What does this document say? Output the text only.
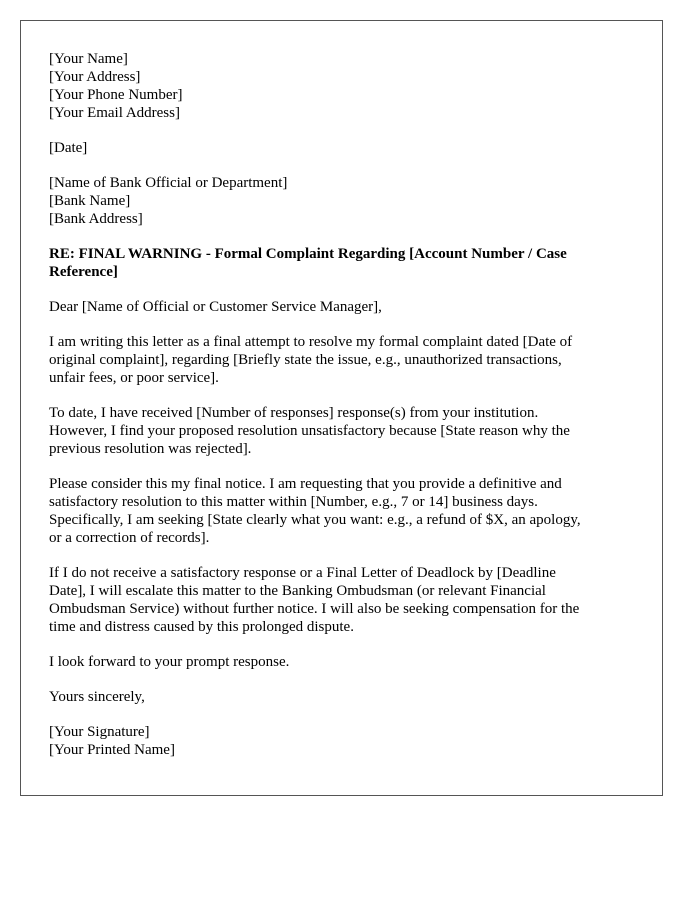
[Your Name]
[Your Address]
[Your Phone Number]
[Your Email Address]

[Date]

[Name of Bank Official or Department]
[Bank Name]
[Bank Address]

RE: FINAL WARNING - Formal Complaint Regarding [Account Number / Case
Reference]

Dear [Name of Official or Customer Service Manager],

I am writing this letter as a final attempt to resolve my formal complaint dated [Date of
original complaint], regarding [Briefly state the issue, e.g., unauthorized transactions,
unfair fees, or poor service].

To date, I have received [Number of responses] response(s) from your institution.
However, I find your proposed resolution unsatisfactory because [State reason why the
previous resolution was rejected].

Please consider this my final notice. I am requesting that you provide a definitive and
satisfactory resolution to this matter within [Number, e.g., 7 or 14] business days.
Specifically, I am seeking [State clearly what you want: e.g., a refund of $X, an apology,
or a correction of records].

If I do not receive a satisfactory response or a Final Letter of Deadlock by [Deadline
Date], I will escalate this matter to the Banking Ombudsman (or relevant Financial
Ombudsman Service) without further notice. I will also be seeking compensation for the
time and distress caused by this prolonged dispute.

I look forward to your prompt response.

Yours sincerely,

[Your Signature]
[Your Printed Name]
